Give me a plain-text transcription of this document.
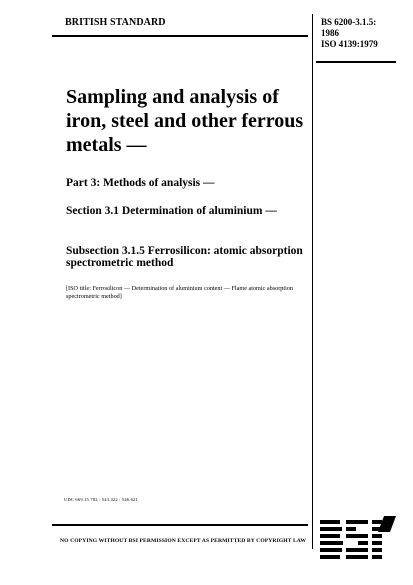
BRITISH STANDARD	BS 6200-3.1.5:
1986
ISO 4139:1979
Sampling and analysis of iron, steel and other ferrous metals —
Part 3: Methods of analysis —
Section 3.1 Determination of aluminium —
Subsection 3.1.5 Ferrosilicon: atomic absorption spectrometric method
[ISO title: Ferrosilicon — Determination of aluminium content — Flame atomic absorption spectrometric method]
UDC 669.15.782 : 543.422 : 546.621
NO COPYING WITHOUT BSI PERMISSION EXCEPT AS PERMITTED BY COPYRIGHT LAW
